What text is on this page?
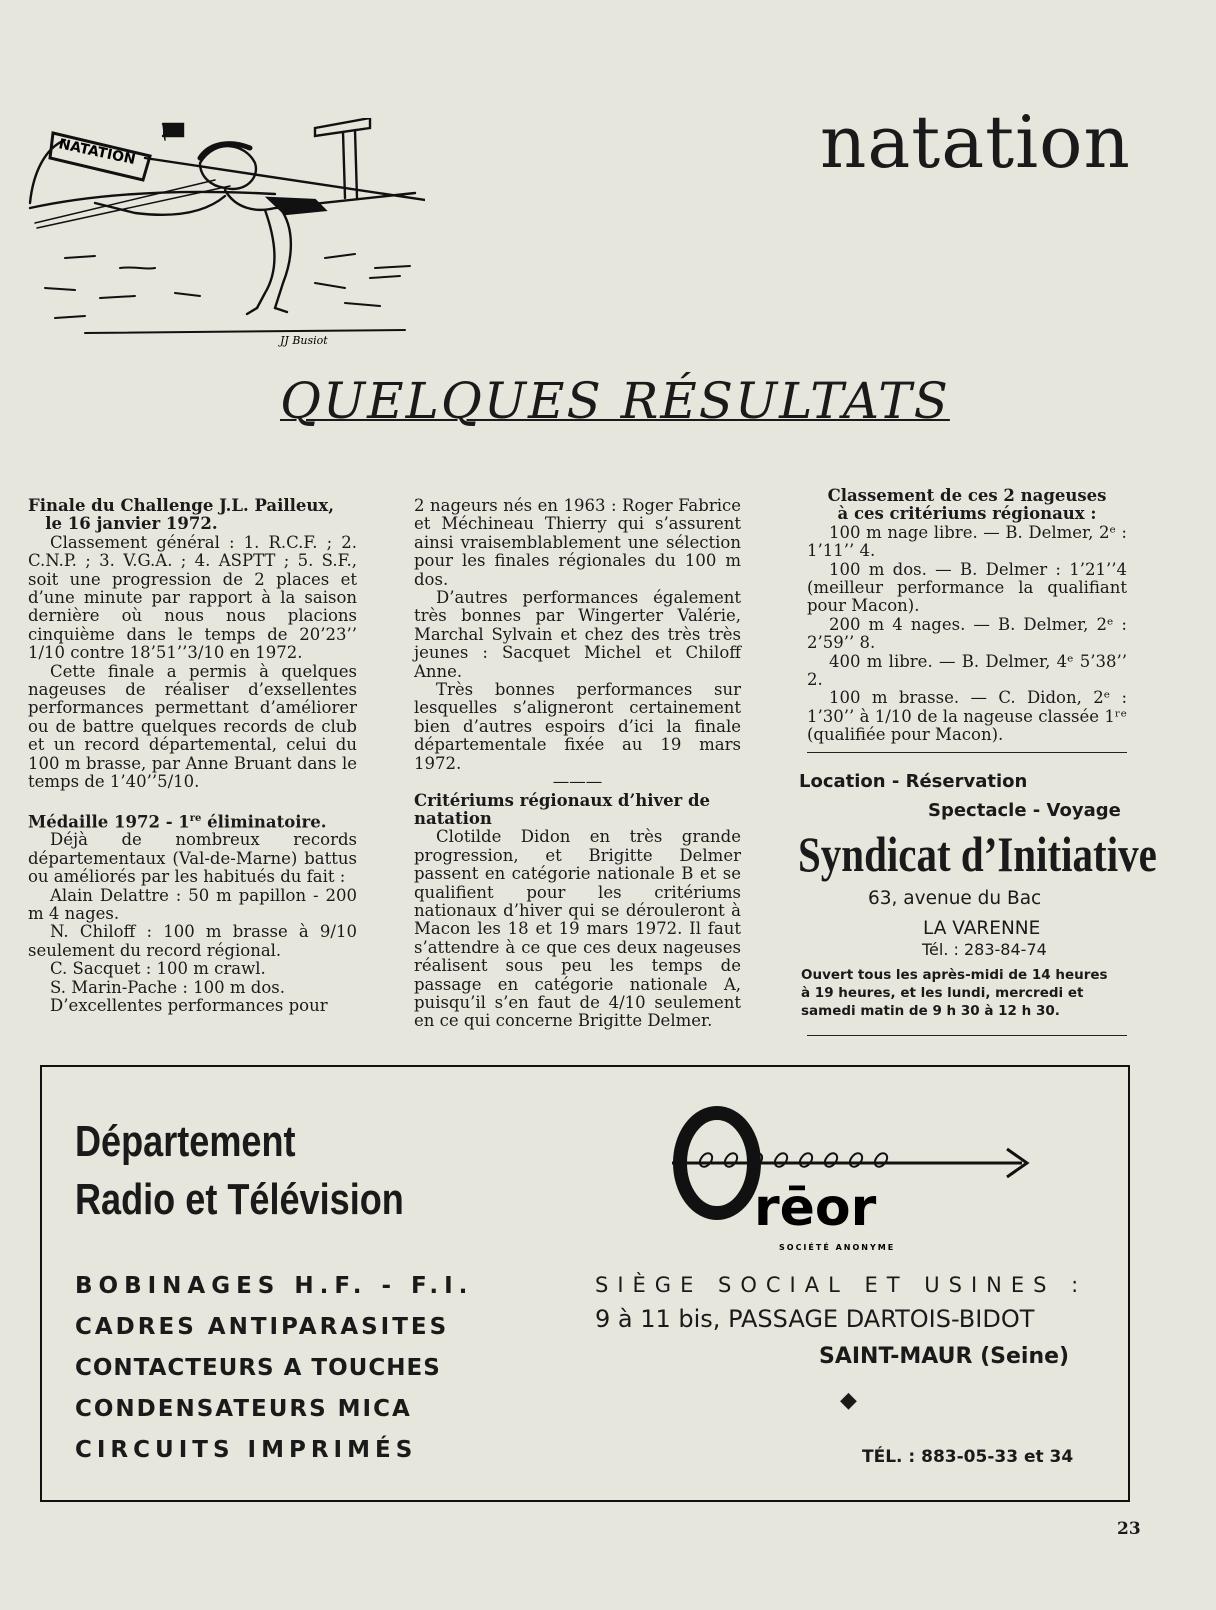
natation
NATATION
JJ Busiot
QUELQUES RÉSULTATS
Finale du Challenge J.L. Pailleux,
le 16 janvier 1972.

Classement général : 1. R.C.F. ; 2. C.N.P. ; 3. V.G.A. ; 4. ASPTT ; 5. S.F., soit une progression de 2 places et d’une minute par rapport à la saison dernière où nous nous placions cinquième dans le temps de 20’23’’ 1/10 contre 18’51’’3/10 en 1972.

Cette finale a permis à quelques nageuses de réaliser d’exsellentes performances permettant d’améliorer ou de battre quelques records de club et un record départemental, celui du 100 m brasse, par Anne Bruant dans le temps de 1’40’’5/10.

Médaille 1972 - 1re éliminatoire.

Déjà de nombreux records départementaux (Val-de-Marne) battus ou améliorés par les habitués du fait :

Alain Delattre : 50 m papillon - 200 m 4 nages.

N. Chiloff : 100 m brasse à 9/10 seulement du record régional.

C. Sacquet : 100 m crawl.

S. Marin-Pache : 100 m dos.

D’excellentes performances pour

2 nageurs nés en 1963 : Roger Fabrice et Méchineau Thierry qui s’assurent ainsi vraisemblablement une sélection pour les finales régionales du 100 m dos.

D’autres performances également très bonnes par Wingerter Valérie, Marchal Sylvain et chez des très très jeunes : Sacquet Michel et Chiloff Anne.

Très bonnes performances sur lesquelles s’aligneront certainement bien d’autres espoirs d’ici la finale départementale fixée au 19 mars 1972.

———
Critériums régionaux d’hiver de natation

Clotilde Didon en très grande progression, et Brigitte Delmer passent en catégorie nationale B et se qualifient pour les critériums nationaux d’hiver qui se dérouleront à Macon les 18 et 19 mars 1972. Il faut s’attendre à ce que ces deux nageuses réalisent sous peu les temps de passage en catégorie nationale A, puisqu’il s’en faut de 4/10 seulement en ce qui concerne Brigitte Delmer.

Classement de ces 2 nageuses
à ces critériums régionaux :

100 m nage libre. — B. Delmer, 2ᵉ : 1’11’’ 4.

100 m dos. — B. Delmer : 1’21’’4 (meilleur performance la qualifiant pour Macon).

200 m 4 nages. — B. Delmer, 2ᵉ : 2’59’’ 8.

400 m libre. — B. Delmer, 4ᵉ 5’38’’ 2.

100 m brasse. — C. Didon, 2ᵉ : 1’30’’ à 1/10 de la nageuse classée 1ʳᵉ (qualifiée pour Macon).

Location - Réservation
Spectacle - Voyage
Syndicat d’Initiative
63, avenue du Bac
LA VARENNE
Tél. : 283-84-74
Ouvert tous les après-midi de 14 heures
à 19 heures, et les lundi, mercredi et
samedi matin de 9 h 30 à 12 h 30.
Département
Radio et Télévision
BOBINAGES H.F. - F.I.
CADRES ANTIPARASITES
CONTACTEURS A TOUCHES
CONDENSATEURS MICA
CIRCUITS IMPRIMÉS
rēor
SOCIÉTÉ ANONYME
SIÈGE SOCIAL ET USINES :
9 à 11 bis, PASSAGE DARTOIS-BIDOT
SAINT-MAUR (Seine)
◆
TÉL. : 883-05-33 et 34
23
